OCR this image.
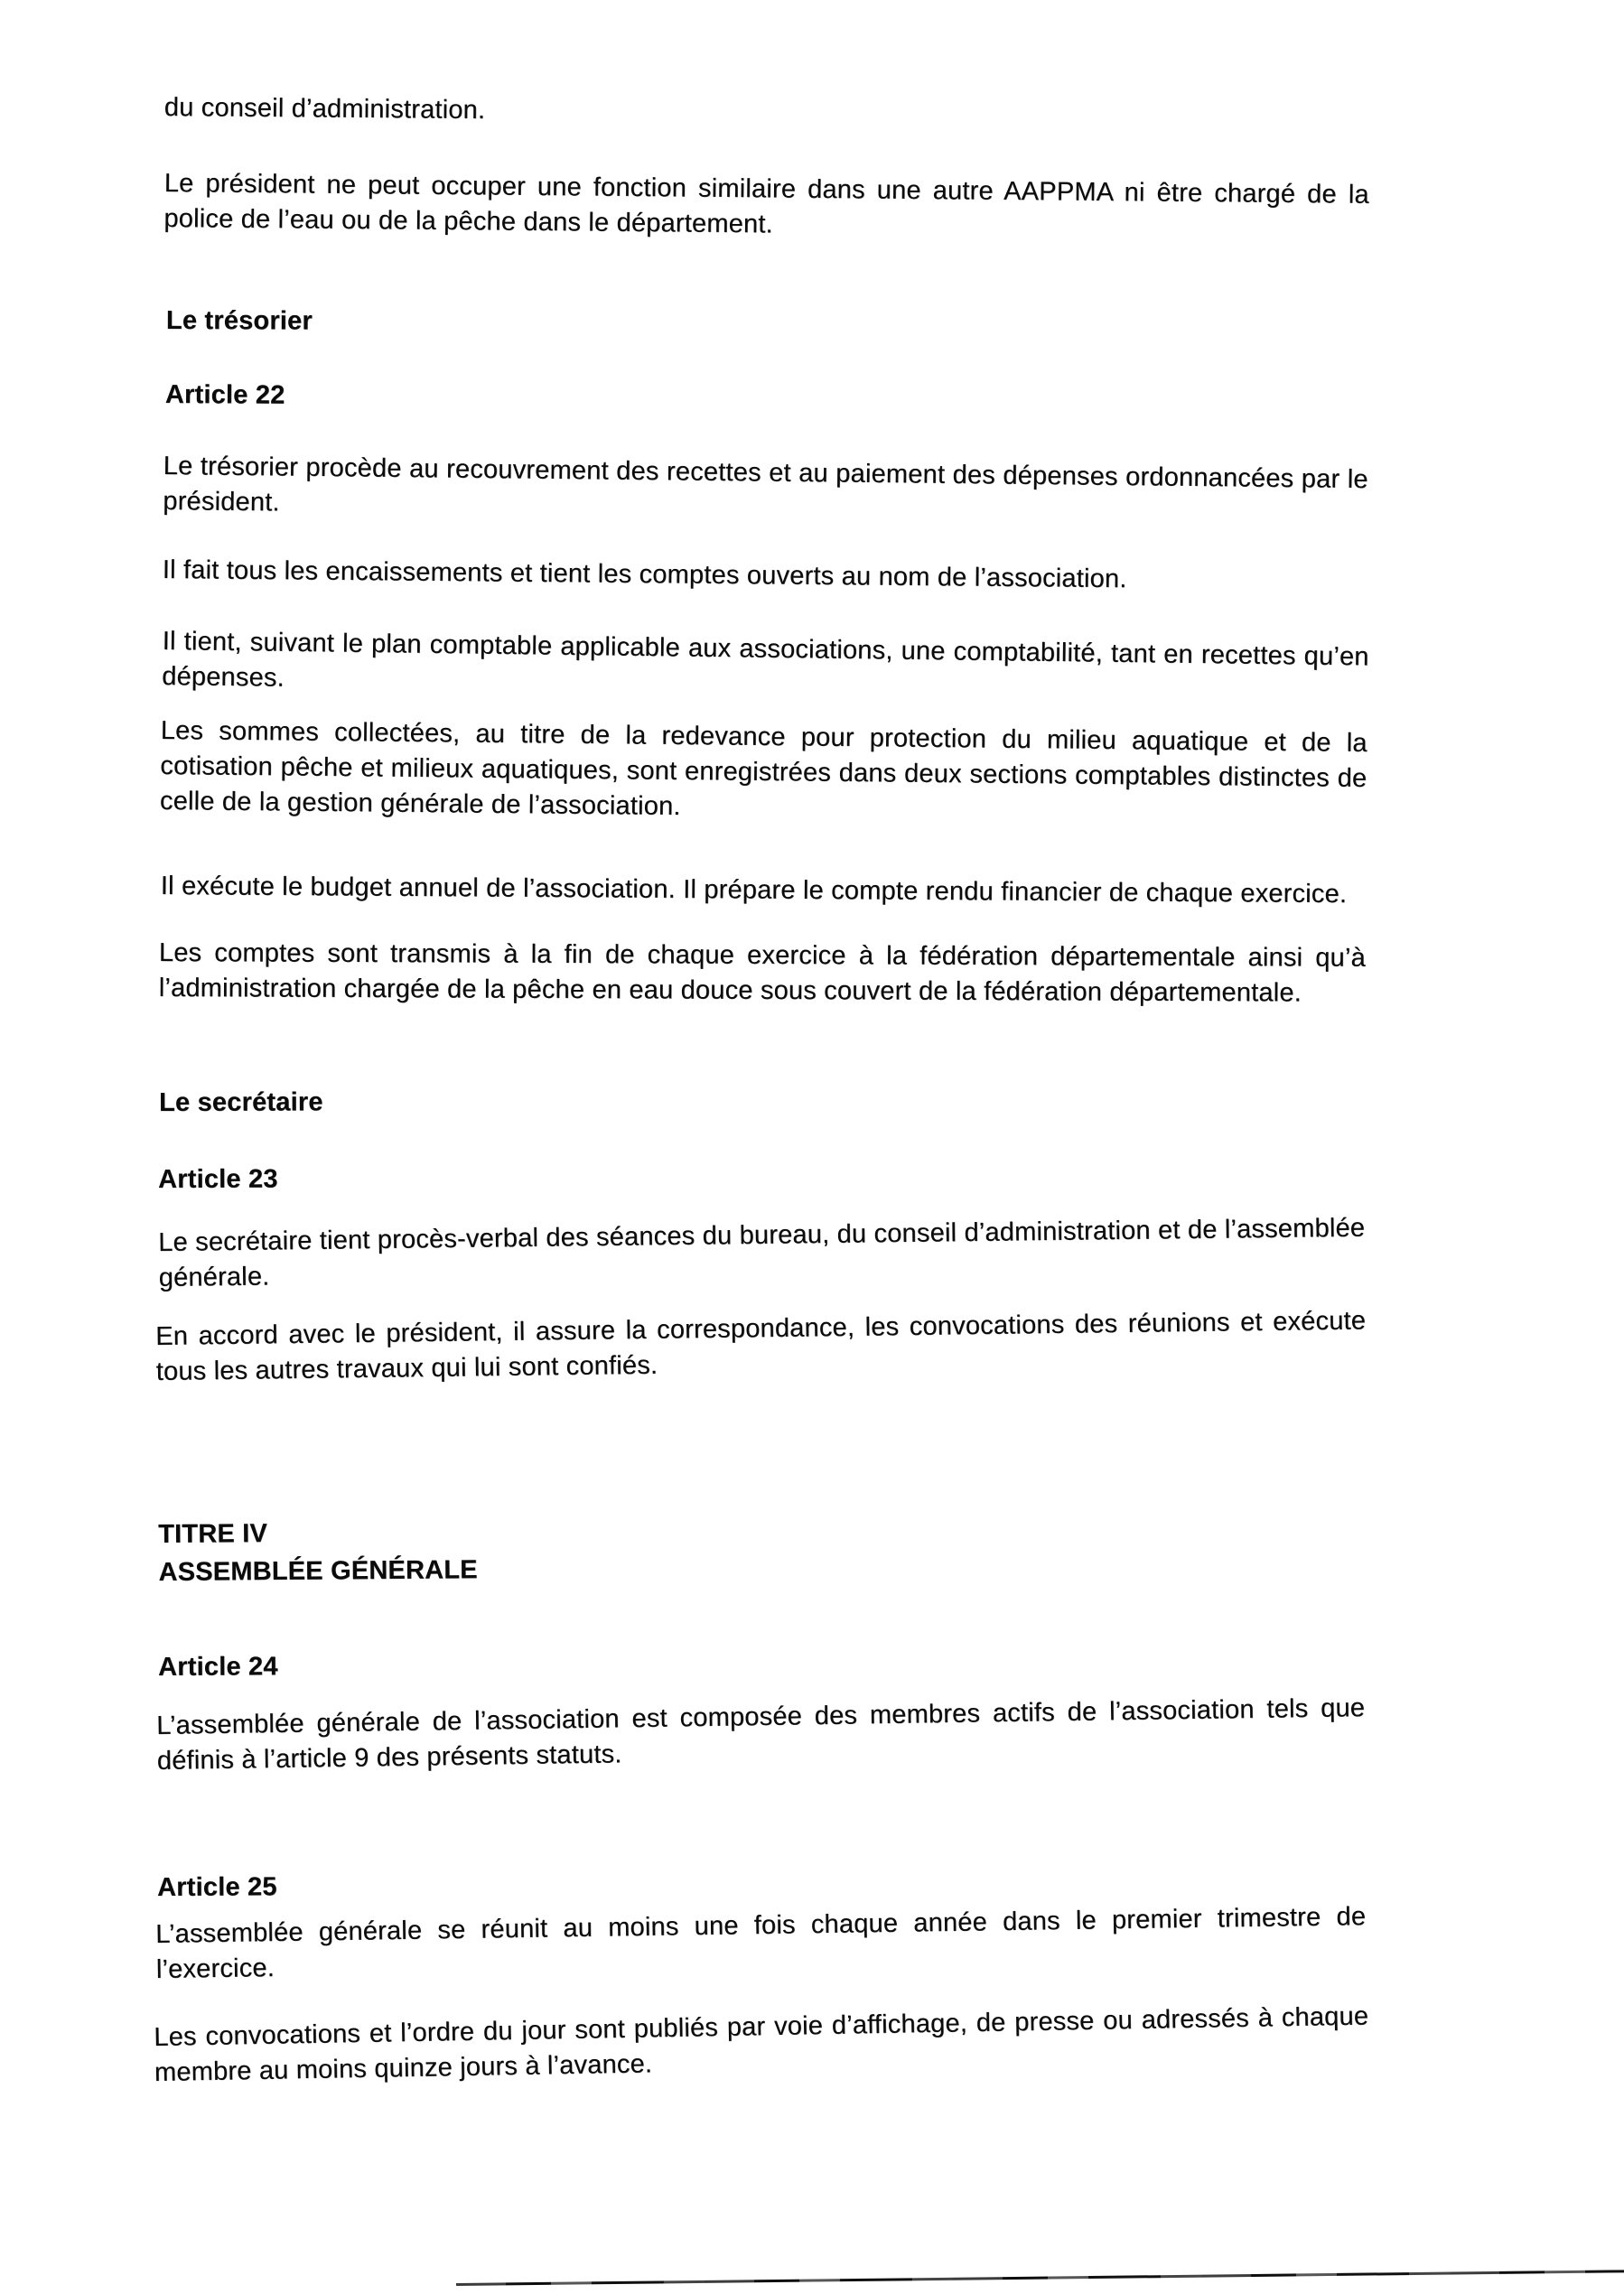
du conseil d’administration.
Le président ne peut occuper une fonction similaire dans une autre AAPPMA ni être chargé de la police de l’eau ou de la pêche dans le département.
Le trésorier
Article 22
Le trésorier procède au recouvrement des recettes et au paiement des dépenses ordonnancées par le président.
Il fait tous les encaissements et tient les comptes ouverts au nom de l’association.
Il tient, suivant le plan comptable applicable aux associations, une comptabilité, tant en recettes qu’en dépenses.
Les sommes collectées, au titre de la redevance pour protection du milieu aquatique et de la cotisation pêche et milieux aquatiques, sont enregistrées dans deux sections comptables distinctes de celle de la gestion générale de l’association.
Il exécute le budget annuel de l’association. Il prépare le compte rendu financier de chaque exercice.
Les comptes sont transmis à la fin de chaque exercice à la fédération départementale ainsi qu’à l’administration chargée de la pêche en eau douce sous couvert de la fédération départementale.
Le secrétaire
Article 23
Le secrétaire tient procès-verbal des séances du bureau, du conseil d’administration et de l’assemblée générale.
En accord avec le président, il assure la correspondance, les convocations des réunions et exécute tous les autres travaux qui lui sont confiés.
TITRE IV
ASSEMBLÉE GÉNÉRALE
Article 24
L’assemblée générale de l’association est composée des membres actifs de l’association tels que définis à l’article 9 des présents statuts.
Article 25
L’assemblée générale se réunit au moins une fois chaque année dans le premier trimestre de l’exercice.
Les convocations et l’ordre du jour sont publiés par voie d’affichage, de presse ou adressés à chaque membre au moins quinze jours à l’avance.
